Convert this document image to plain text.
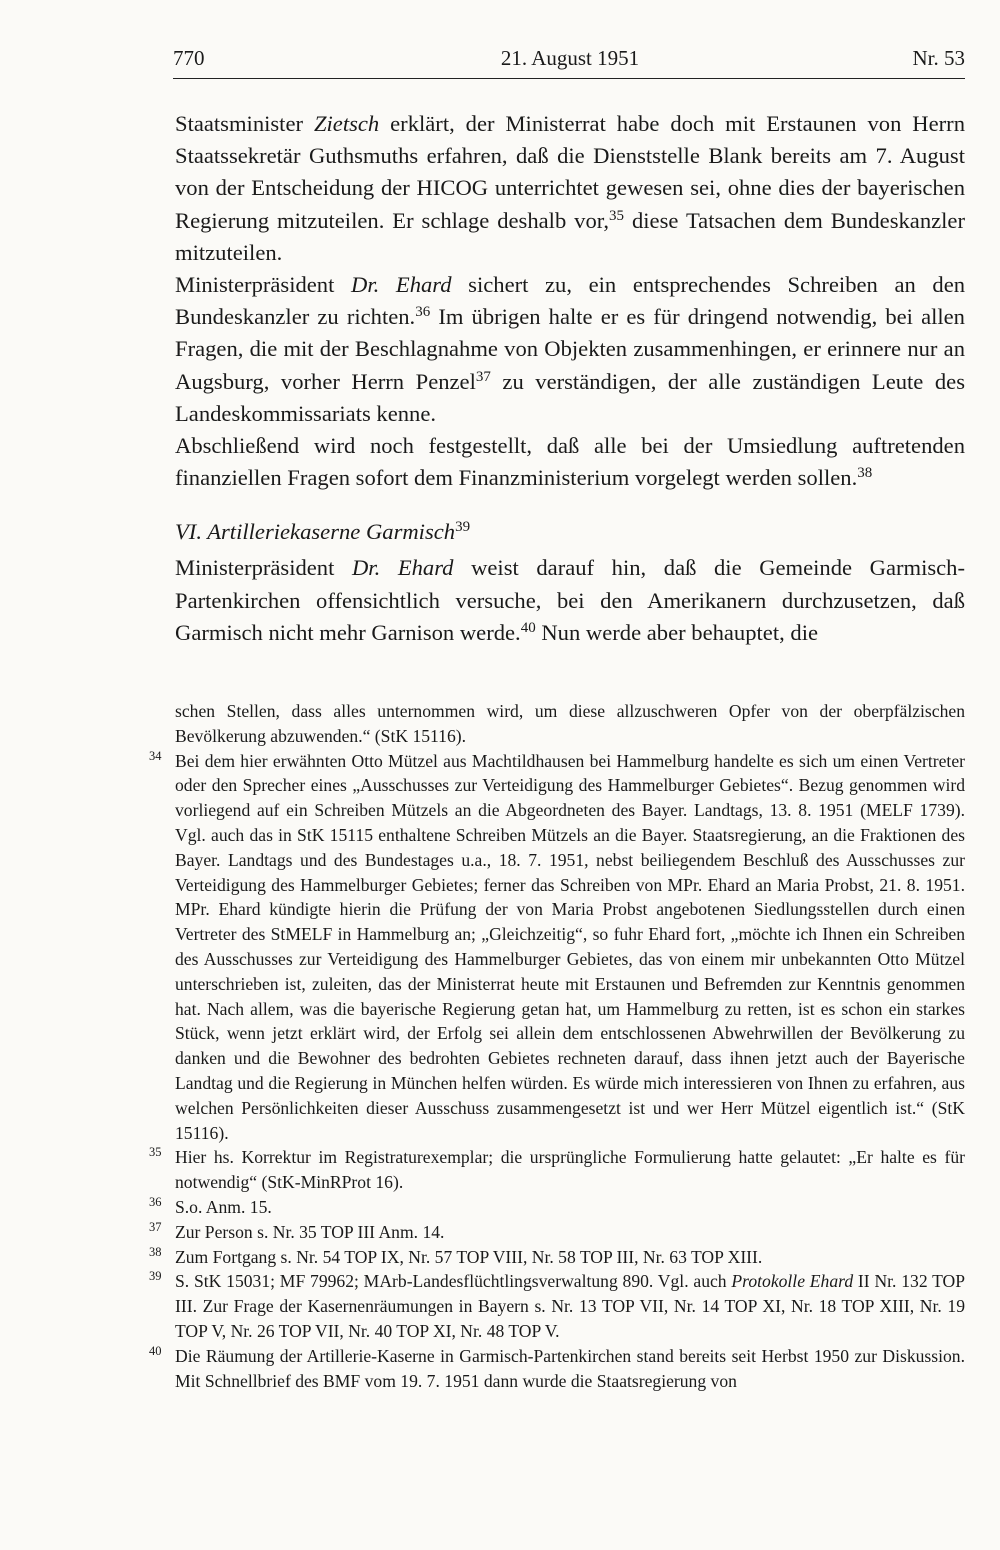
770	21. August 1951	Nr. 53

Staatsminister Zietsch erklärt, der Ministerrat habe doch mit Erstaunen von Herrn Staatssekretär Guthsmuths erfahren, daß die Dienststelle Blank bereits am 7. August von der Entscheidung der HICOG unterrichtet gewesen sei, ohne dies der bayerischen Regierung mitzuteilen. Er schlage deshalb vor,$^{35}$ diese Tatsachen dem Bundeskanzler mitzuteilen.

Ministerpräsident Dr. Ehard sichert zu, ein entsprechendes Schreiben an den Bundeskanzler zu richten.$^{36}$ Im übrigen halte er es für dringend notwendig, bei allen Fragen, die mit der Beschlagnahme von Objekten zusammenhingen, er erinnere nur an Augsburg, vorher Herrn Penzel$^{37}$ zu verständigen, der alle zuständigen Leute des Landeskommissariats kenne.

Abschließend wird noch festgestellt, daß alle bei der Umsiedlung auftretenden finanziellen Fragen sofort dem Finanzministerium vorgelegt werden sollen.$^{38}$

VI. Artilleriekaserne Garmisch$^{39}$

Ministerpräsident Dr. Ehard weist darauf hin, daß die Gemeinde Garmisch-Partenkirchen offensichtlich versuche, bei den Amerikanern durchzusetzen, daß Garmisch nicht mehr Garnison werde.$^{40}$ Nun werde aber behauptet, die

schen Stellen, dass alles unternommen wird, um diese allzuschweren Opfer von der oberpfälzischen Bevölkerung abzuwenden.“ (StK 15116).

34 Bei dem hier erwähnten Otto Mützel aus Machtildhausen bei Hammelburg handelte es sich um einen Vertreter oder den Sprecher eines „Ausschusses zur Verteidigung des Hammelburger Gebietes“. Bezug genommen wird vorliegend auf ein Schreiben Mützels an die Abgeordneten des Bayer. Landtags, 13. 8. 1951 (MELF 1739). Vgl. auch das in StK 15115 enthaltene Schreiben Mützels an die Bayer. Staatsregierung, an die Fraktionen des Bayer. Landtags und des Bundestages u.a., 18. 7. 1951, nebst beiliegendem Beschluß des Ausschusses zur Verteidigung des Hammelburger Gebietes; ferner das Schreiben von MPr. Ehard an Maria Probst, 21. 8. 1951. MPr. Ehard kündigte hierin die Prüfung der von Maria Probst angebotenen Siedlungsstellen durch einen Vertreter des StMELF in Hammelburg an; „Gleichzeitig“, so fuhr Ehard fort, „möchte ich Ihnen ein Schreiben des Ausschusses zur Verteidigung des Hammelburger Gebietes, das von einem mir unbekannten Otto Mützel unterschrieben ist, zuleiten, das der Ministerrat heute mit Erstaunen und Befremden zur Kenntnis genommen hat. Nach allem, was die bayerische Regierung getan hat, um Hammelburg zu retten, ist es schon ein starkes Stück, wenn jetzt erklärt wird, der Erfolg sei allein dem entschlossenen Abwehrwillen der Bevölkerung zu danken und die Bewohner des bedrohten Gebietes rechneten darauf, dass ihnen jetzt auch der Bayerische Landtag und die Regierung in München helfen würden. Es würde mich interessieren von Ihnen zu erfahren, aus welchen Persönlichkeiten dieser Ausschuss zusammengesetzt ist und wer Herr Mützel eigentlich ist.“ (StK 15116).

35 Hier hs. Korrektur im Registraturexemplar; die ursprüngliche Formulierung hatte gelautet: „Er halte es für notwendig“ (StK-MinRProt 16).

36 S.o. Anm. 15.

37 Zur Person s. Nr. 35 TOP III Anm. 14.

38 Zum Fortgang s. Nr. 54 TOP IX, Nr. 57 TOP VIII, Nr. 58 TOP III, Nr. 63 TOP XIII.

39 S. StK 15031; MF 79962; MArb-Landesflüchtlingsverwaltung 890. Vgl. auch Protokolle Ehard II Nr. 132 TOP III. Zur Frage der Kasernenräumungen in Bayern s. Nr. 13 TOP VII, Nr. 14 TOP XI, Nr. 18 TOP XIII, Nr. 19 TOP V, Nr. 26 TOP VII, Nr. 40 TOP XI, Nr. 48 TOP V.

40 Die Räumung der Artillerie-Kaserne in Garmisch-Partenkirchen stand bereits seit Herbst 1950 zur Diskussion. Mit Schnellbrief des BMF vom 19. 7. 1951 dann wurde die Staatsregierung von
